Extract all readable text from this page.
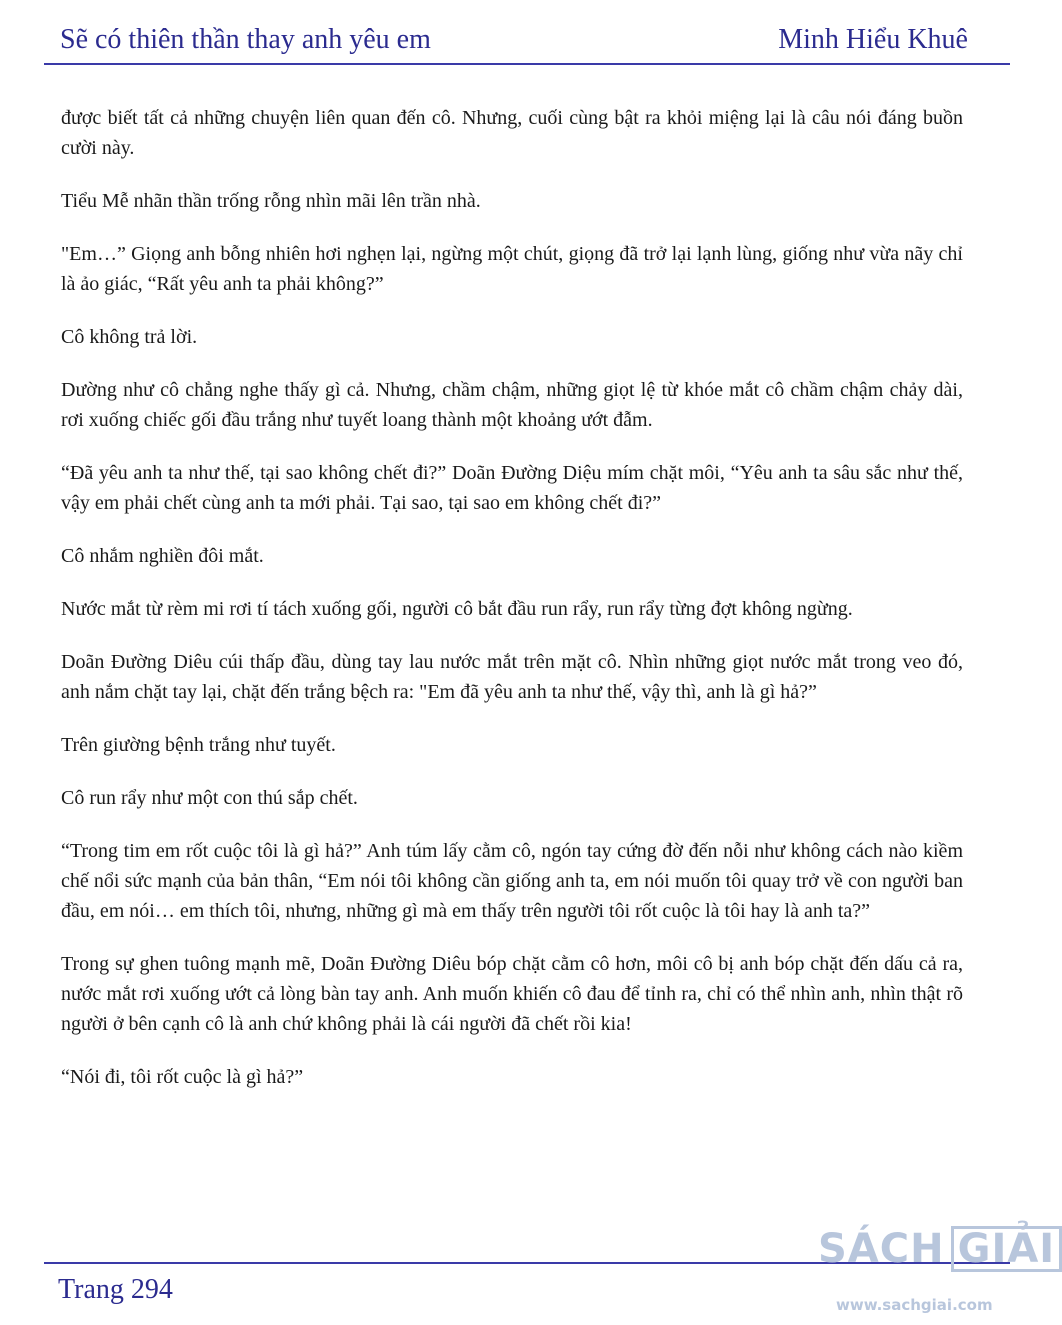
Sẽ có thiên thần thay anh yêu em	Minh Hiểu Khuê

được biết tất cả những chuyện liên quan đến cô. Nhưng, cuối cùng bật ra khỏi miệng lại là câu nói đáng buồn cười này.

Tiểu Mễ nhãn thần trống rỗng nhìn mãi lên trần nhà.

"Em…” Giọng anh bỗng nhiên hơi nghẹn lại, ngừng một chút, giọng đã trở lại lạnh lùng, giống như vừa nãy chỉ là ảo giác, “Rất yêu anh ta phải không?”

Cô không trả lời.

Dường như cô chẳng nghe thấy gì cả. Nhưng, chầm chậm, những giọt lệ từ khóe mắt cô chầm chậm chảy dài, rơi xuống chiếc gối đầu trắng như tuyết loang thành một khoảng ướt đẫm.

“Đã yêu anh ta như thế, tại sao không chết đi?” Doãn Đường Diệu mím chặt môi, “Yêu anh ta sâu sắc như thế, vậy em phải chết cùng anh ta mới phải. Tại sao, tại sao em không chết đi?”

Cô nhắm nghiền đôi mắt.

Nước mắt từ rèm mi rơi tí tách xuống gối, người cô bắt đầu run rẩy, run rẩy từng đợt không ngừng.

Doãn Đường Diêu cúi thấp đầu, dùng tay lau nước mắt trên mặt cô. Nhìn những giọt nước mắt trong veo đó, anh nắm chặt tay lại, chặt đến trắng bệch ra: "Em đã yêu anh ta như thế, vậy thì, anh là gì hả?”

Trên giường bệnh trắng như tuyết.

Cô run rẩy như một con thú sắp chết.

“Trong tim em rốt cuộc tôi là gì hả?” Anh túm lấy cằm cô, ngón tay cứng đờ đến nỗi như không cách nào kiềm chế nổi sức mạnh của bản thân, “Em nói tôi không cần giống anh ta, em nói muốn tôi quay trở về con người ban đầu, em nói… em thích tôi, nhưng, những gì mà em thấy trên người tôi rốt cuộc là tôi hay là anh ta?”

Trong sự ghen tuông mạnh mẽ, Doãn Đường Diêu bóp chặt cằm cô hơn, môi cô bị anh bóp chặt đến dấu cả ra, nước mắt rơi xuống ướt cả lòng bàn tay anh. Anh muốn khiến cô đau để tỉnh ra, chỉ có thể nhìn anh, nhìn thật rõ người ở bên cạnh cô là anh chứ không phải là cái người đã chết rồi kia!

“Nói đi, tôi rốt cuộc là gì hả?”

Trang 294
SÁCH GIẢI
www.sachgiai.com
